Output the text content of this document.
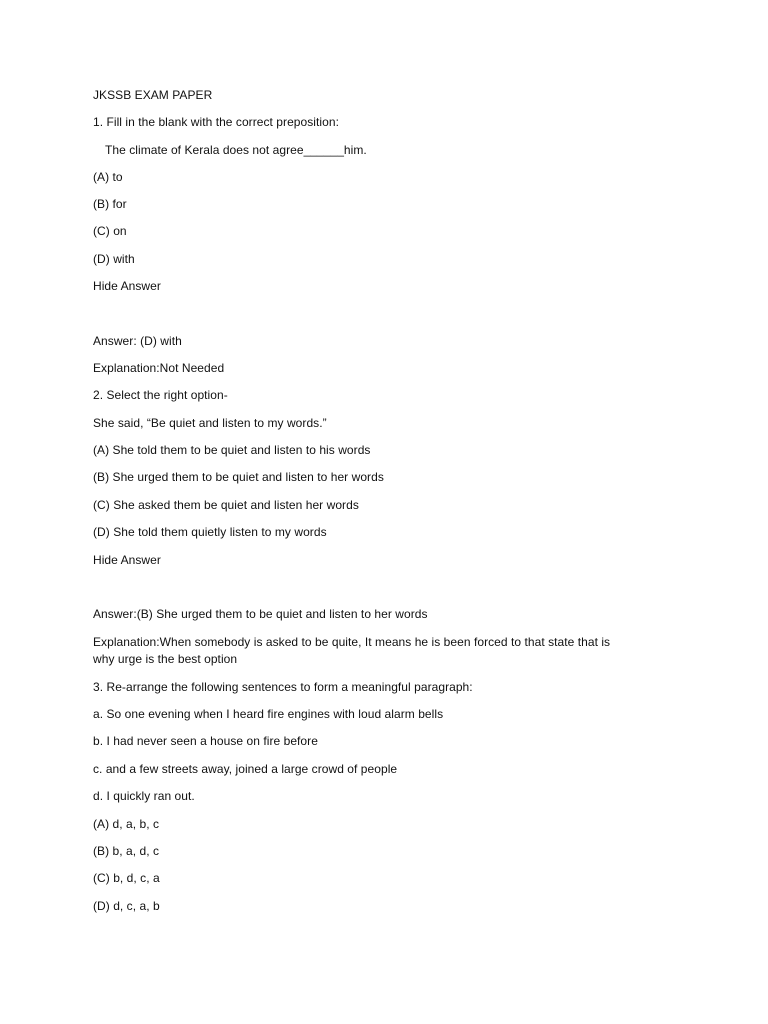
JKSSB EXAM PAPER
1. Fill in the blank with the correct preposition:
The climate of Kerala does not agree______him.
(A) to
(B) for
(C) on
(D) with
Hide Answer
Answer: (D) with
Explanation:Not Needed
2. Select the right option-
She said, “Be quiet and listen to my words.”
(A) She told them to be quiet and listen to his words
(B) She urged them to be quiet and listen to her words
(C) She asked them be quiet and listen her words
(D) She told them quietly listen to my words
Hide Answer
Answer:(B) She urged them to be quiet and listen to her words
Explanation:When somebody is asked to be quite, It means he is been forced to that state that is
why urge is the best option
3. Re-arrange the following sentences to form a meaningful paragraph:
a. So one evening when I heard fire engines with loud alarm bells
b. I had never seen a house on fire before
c. and a few streets away, joined a large crowd of people
d. I quickly ran out.
(A) d, a, b, c
(B) b, a, d, c
(C) b, d, c, a
(D) d, c, a, b
